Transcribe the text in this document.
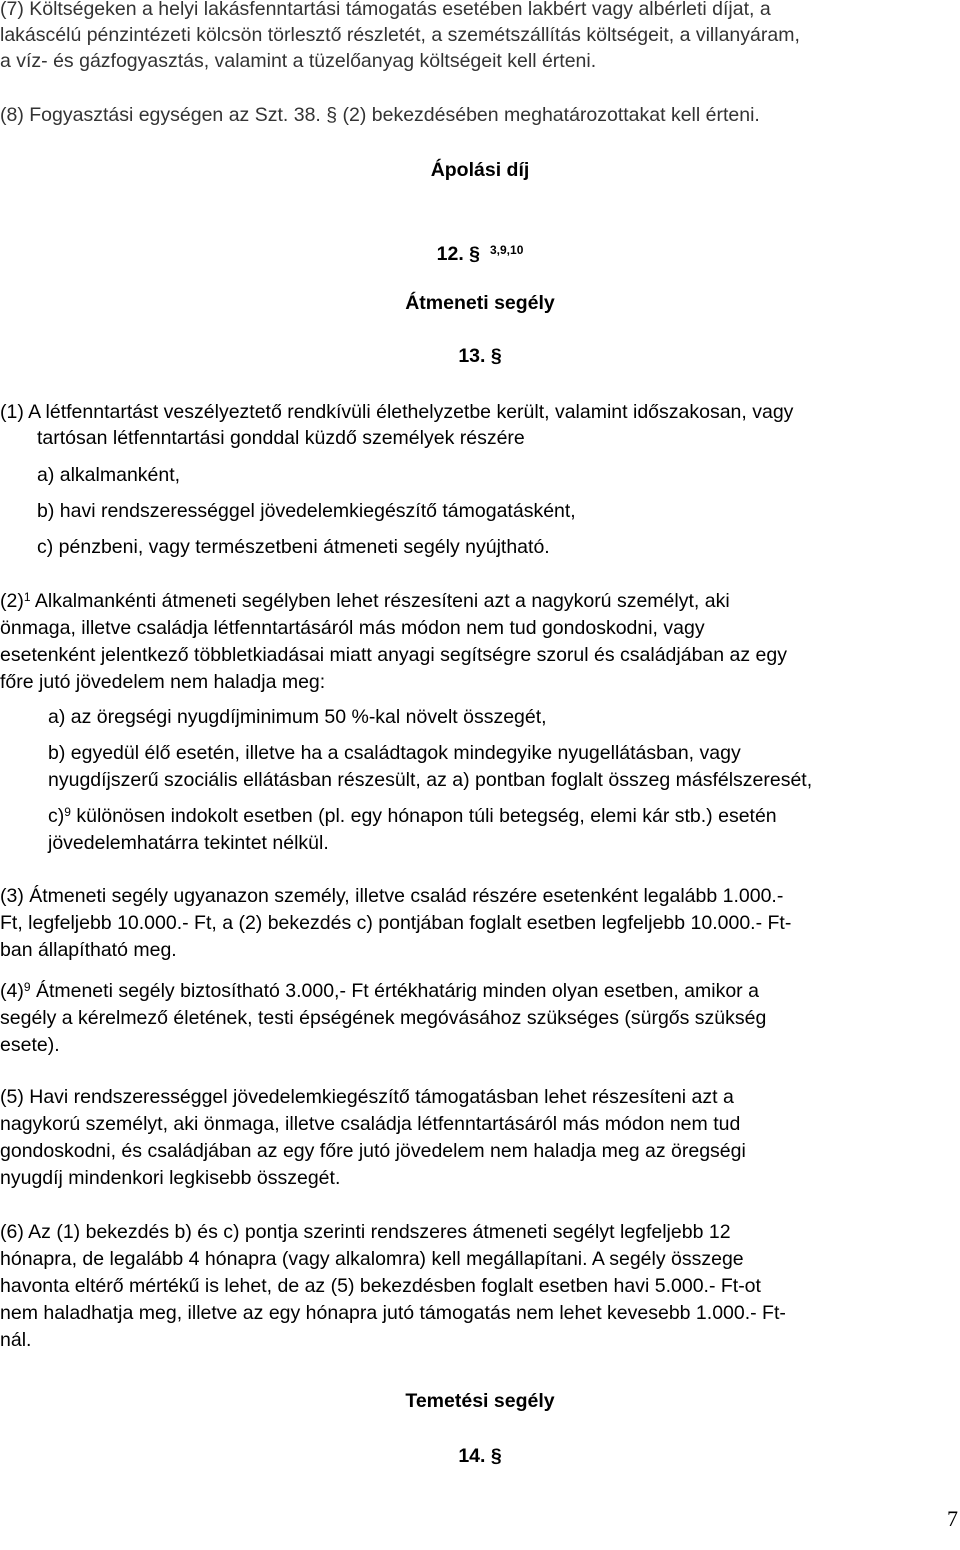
(7) Költségeken a helyi lakásfenntartási támogatás esetében lakbért vagy albérleti díjat, a
lakáscélú pénzintézeti kölcsön törlesztő részletét, a szemétszállítás költségeit, a villanyáram,
a víz- és gázfogyasztás, valamint a tüzelőanyag költségeit kell érteni.
(8) Fogyasztási egységen az Szt. 38. § (2) bekezdésében meghatározottakat kell érteni.
Ápolási díj
12. § $^{3,9,10}$
Átmeneti segély
13. §
(1) A létfenntartást veszélyeztető rendkívüli élethelyzetbe került, valamint időszakosan, vagy
tartósan létfenntartási gonddal küzdő személyek részére
a) alkalmanként,
b) havi rendszerességgel jövedelemkiegészítő támogatásként,
c) pénzbeni, vagy természetbeni átmeneti segély nyújtható.
$(2)^1$ Alkalmankénti átmeneti segélyben lehet részesíteni azt a nagykorú személyt, aki
önmaga, illetve családja létfenntartásáról más módon nem tud gondoskodni, vagy
esetenként jelentkező többletkiadásai miatt anyagi segítségre szorul és családjában az egy
főre jutó jövedelem nem haladja meg:
a) az öregségi nyugdíjminimum 50 %-kal növelt összegét,
b) egyedül élő esetén, illetve ha a családtagok mindegyike nyugellátásban, vagy
nyugdíjszerű szociális ellátásban részesült, az a) pontban foglalt összeg másfélszeresét,
c)$^9$ különösen indokolt esetben (pl. egy hónapon túli betegség, elemi kár stb.) esetén
jövedelemhatárra tekintet nélkül.
(3) Átmeneti segély ugyanazon személy, illetve család részére esetenként legalább 1.000.-
Ft, legfeljebb 10.000.- Ft, a (2) bekezdés c) pontjában foglalt esetben legfeljebb 10.000.- Ft-
ban állapítható meg.
$(4)^9$ Átmeneti segély biztosítható 3.000,- Ft értékhatárig minden olyan esetben, amikor a
segély a kérelmező életének, testi épségének megóvásához szükséges (sürgős szükség
esete).
(5) Havi rendszerességgel jövedelemkiegészítő támogatásban lehet részesíteni azt a
nagykorú személyt, aki önmaga, illetve családja létfenntartásáról más módon nem tud
gondoskodni, és családjában az egy főre jutó jövedelem nem haladja meg az öregségi
nyugdíj mindenkori legkisebb összegét.
(6) Az (1) bekezdés b) és c) pontja szerinti rendszeres átmeneti segélyt legfeljebb 12
hónapra, de legalább 4 hónapra (vagy alkalomra) kell megállapítani. A segély összege
havonta eltérő mértékű is lehet, de az (5) bekezdésben foglalt esetben havi 5.000.- Ft-ot
nem haladhatja meg, illetve az egy hónapra jutó támogatás nem lehet kevesebb 1.000.- Ft-
nál.
Temetési segély
14. §
7
